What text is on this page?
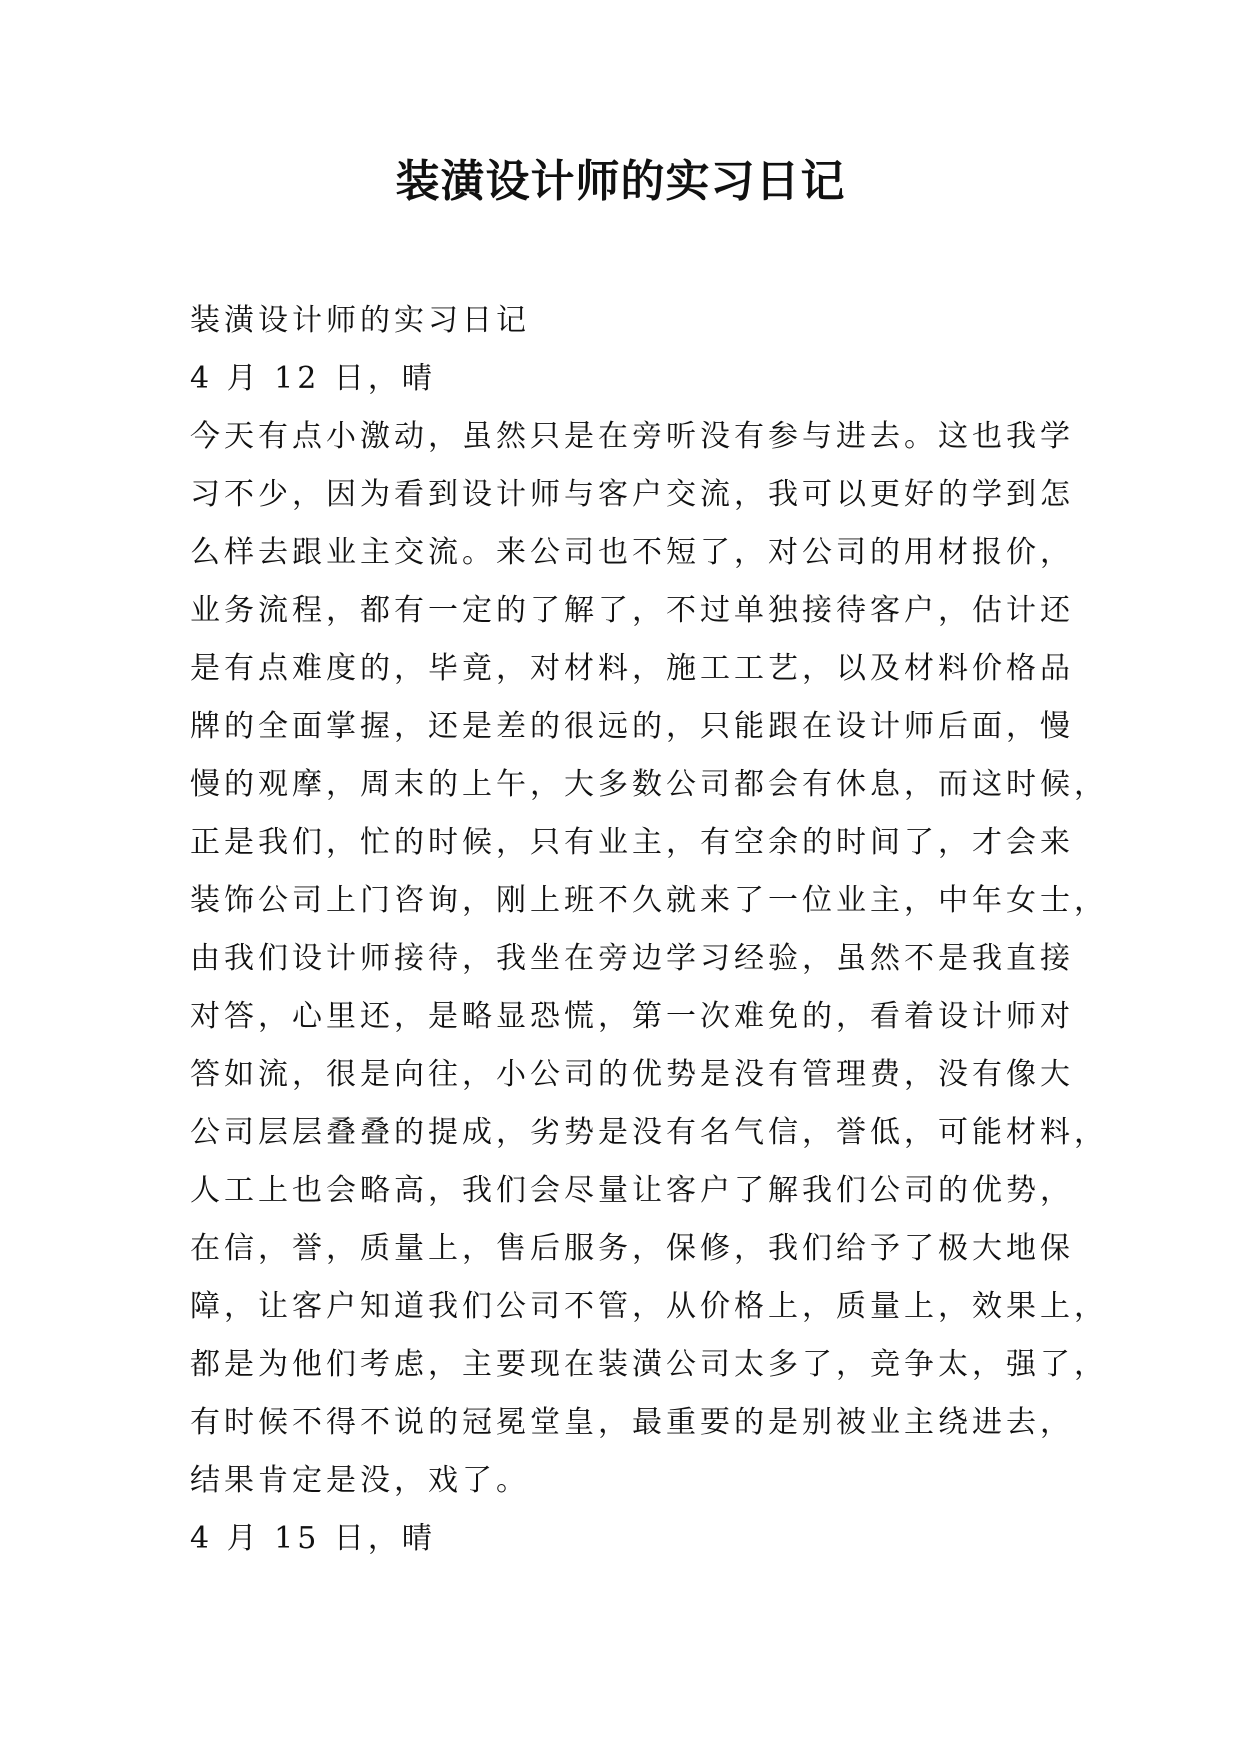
装潢设计师的实习日记
装潢设计师的实习日记
4 月 12 日，晴
今天有点小激动，虽然只是在旁听没有参与进去。这也我学
习不少，因为看到设计师与客户交流，我可以更好的学到怎
么样去跟业主交流。来公司也不短了，对公司的用材报价，
业务流程，都有一定的了解了，不过单独接待客户，估计还
是有点难度的，毕竟，对材料，施工工艺，以及材料价格品
牌的全面掌握，还是差的很远的，只能跟在设计师后面，慢
慢的观摩，周末的上午，大多数公司都会有休息，而这时候，
正是我们，忙的时候，只有业主，有空余的时间了，才会来
装饰公司上门咨询，刚上班不久就来了一位业主，中年女士，
由我们设计师接待，我坐在旁边学习经验，虽然不是我直接
对答，心里还，是略显恐慌，第一次难免的，看着设计师对
答如流，很是向往，小公司的优势是没有管理费，没有像大
公司层层叠叠的提成，劣势是没有名气信，誉低，可能材料，
人工上也会略高，我们会尽量让客户了解我们公司的优势，
在信，誉，质量上，售后服务，保修，我们给予了极大地保
障，让客户知道我们公司不管，从价格上，质量上，效果上，
都是为他们考虑，主要现在装潢公司太多了，竞争太，强了，
有时候不得不说的冠冕堂皇，最重要的是别被业主绕进去，
结果肯定是没，戏了。
4 月 15 日，晴
